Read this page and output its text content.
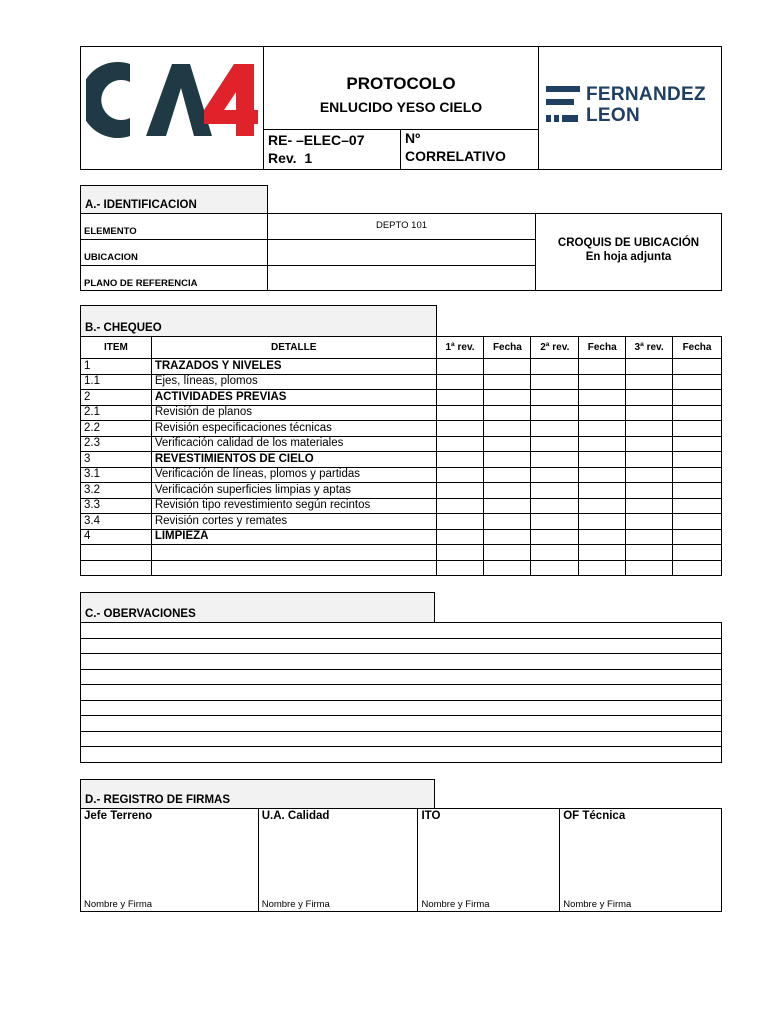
PROTOCOLO
ENLUCIDO YESO CIELO
RE- –ELEC–07
Rev.  1
Nº
CORRELATIVO
FERNANDEZ
LEON
A.- IDENTIFICACION
ELEMENTO
DEPTO 101
UBICACION
PLANO DE REFERENCIA
CROQUIS DE UBICACIÓN
En hoja adjunta
B.- CHEQUEO
ITEM	DETALLE	1ª rev.	Fecha	2ª rev.	Fecha	3ª rev.	Fecha
1	TRAZADOS Y NIVELES						
1.1	Ejes, líneas, plomos						
2	ACTIVIDADES PREVIAS						
2.1	Revisión de planos						
2.2	Revisión especificaciones técnicas						
2.3	Verificación calidad de los materiales						
3	REVESTIMIENTOS DE CIELO						
3.1	Verificación de líneas, plomos y partidas						
3.2	Verificación superficies limpias y aptas						
3.3	Revisión tipo revestimiento según recintos						
3.4	Revisión cortes y remates						
4	LIMPIEZA						

C.- OBERVACIONES

D.- REGISTRO DE FIRMAS
Jefe Terreno
Nombre y Firma

U.A. Calidad
Nombre y Firma

ITO
Nombre y Firma

OF Técnica
Nombre y Firma
